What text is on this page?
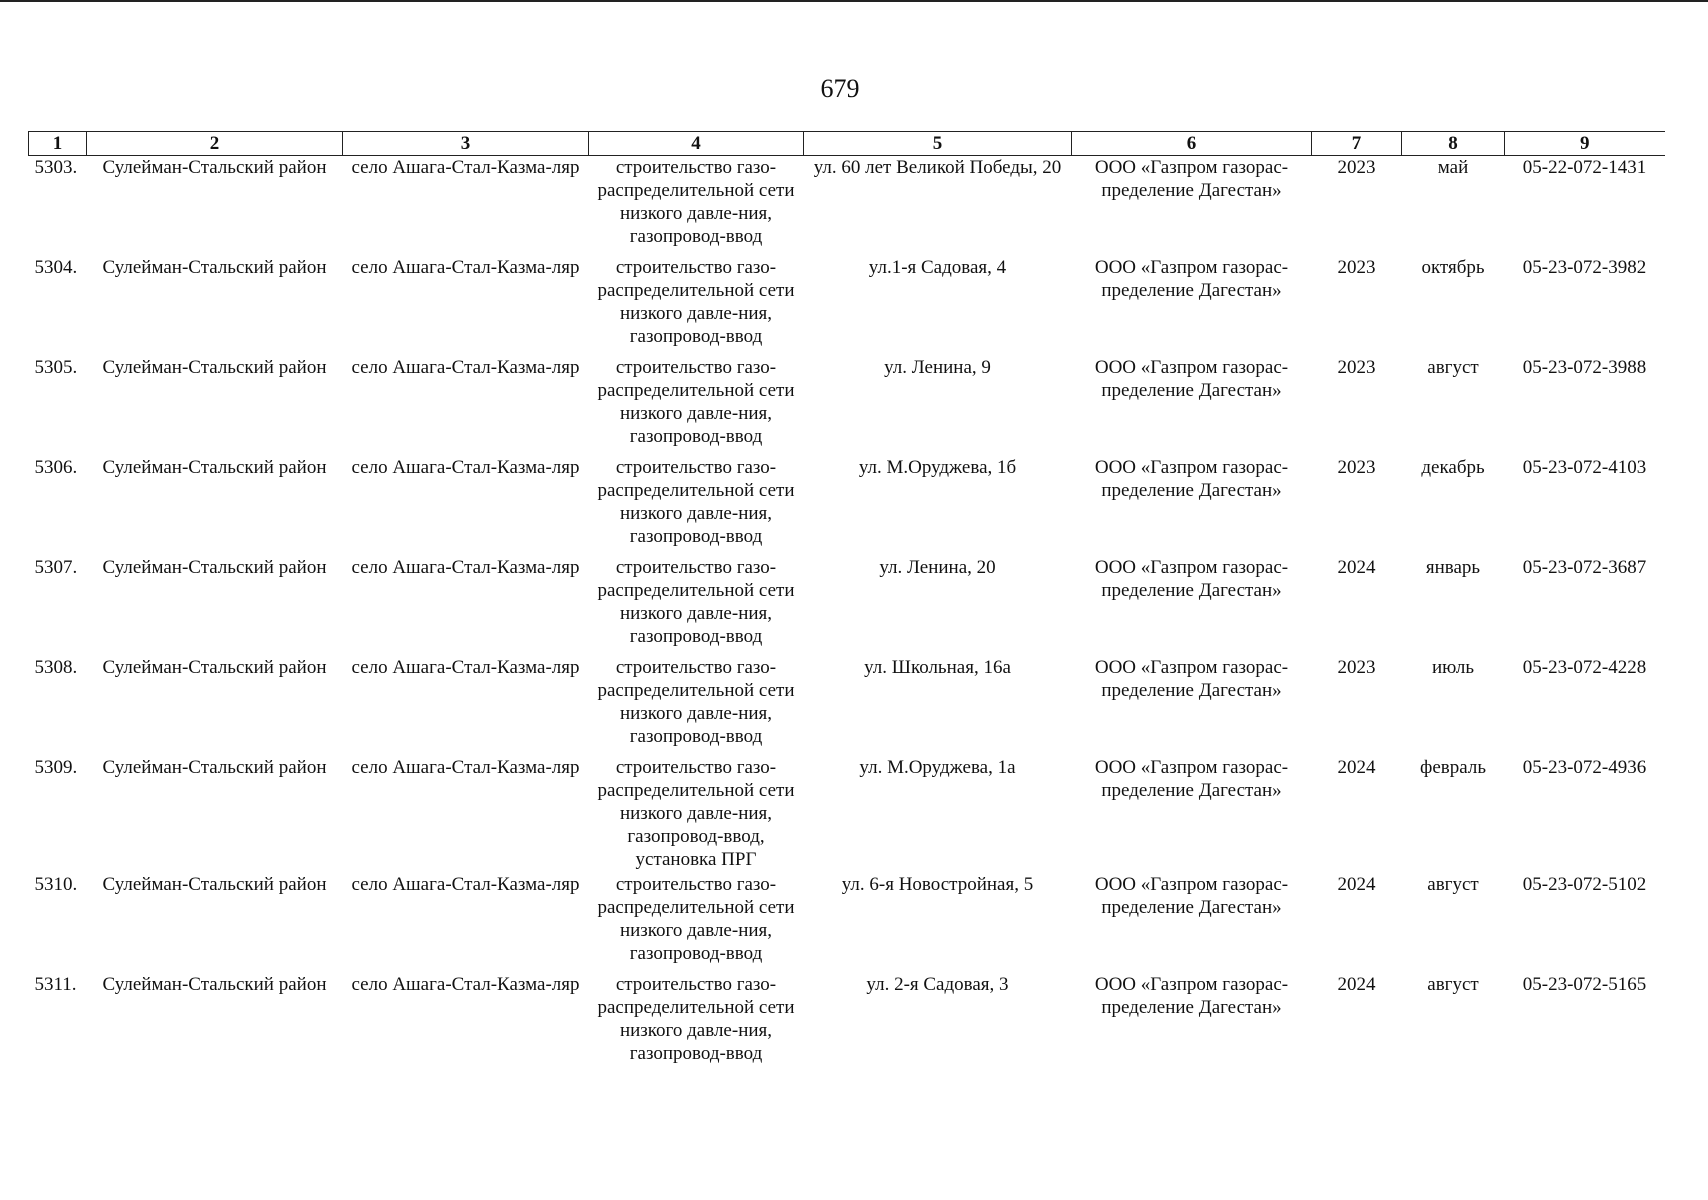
679
1	2	3	4	5	6	7	8	9
5303.	Сулейман-Стальский район	село Ашага-Стал-Казма-ляр	строительство газо-распределительной сети низкого давле-ния, газопровод-ввод	ул. 60 лет Великой Победы, 20	ООО «Газпром газорас-пределение Дагестан»	2023	май	05-22-072-1431
5304.	Сулейман-Стальский район	село Ашага-Стал-Казма-ляр	строительство газо-распределительной сети низкого давле-ния, газопровод-ввод	ул.1-я Садовая, 4	ООО «Газпром газорас-пределение Дагестан»	2023	октябрь	05-23-072-3982
5305.	Сулейман-Стальский район	село Ашага-Стал-Казма-ляр	строительство газо-распределительной сети низкого давле-ния, газопровод-ввод	ул. Ленина, 9	ООО «Газпром газорас-пределение Дагестан»	2023	август	05-23-072-3988
5306.	Сулейман-Стальский район	село Ашага-Стал-Казма-ляр	строительство газо-распределительной сети низкого давле-ния, газопровод-ввод	ул. М.Оруджева, 1б	ООО «Газпром газорас-пределение Дагестан»	2023	декабрь	05-23-072-4103
5307.	Сулейман-Стальский район	село Ашага-Стал-Казма-ляр	строительство газо-распределительной сети низкого давле-ния, газопровод-ввод	ул. Ленина, 20	ООО «Газпром газорас-пределение Дагестан»	2024	январь	05-23-072-3687
5308.	Сулейман-Стальский район	село Ашага-Стал-Казма-ляр	строительство газо-распределительной сети низкого давле-ния, газопровод-ввод	ул. Школьная, 16а	ООО «Газпром газорас-пределение Дагестан»	2023	июль	05-23-072-4228
5309.	Сулейман-Стальский район	село Ашага-Стал-Казма-ляр	строительство газо-распределительной сети низкого давле-ния, газопровод-ввод, установка ПРГ	ул. М.Оруджева, 1а	ООО «Газпром газорас-пределение Дагестан»	2024	февраль	05-23-072-4936
5310.	Сулейман-Стальский район	село Ашага-Стал-Казма-ляр	строительство газо-распределительной сети низкого давле-ния, газопровод-ввод	ул. 6-я Новостройная, 5	ООО «Газпром газорас-пределение Дагестан»	2024	август	05-23-072-5102
5311.	Сулейман-Стальский район	село Ашага-Стал-Казма-ляр	строительство газо-распределительной сети низкого давле-ния, газопровод-ввод	ул. 2-я Садовая, 3	ООО «Газпром газорас-пределение Дагестан»	2024	август	05-23-072-5165
